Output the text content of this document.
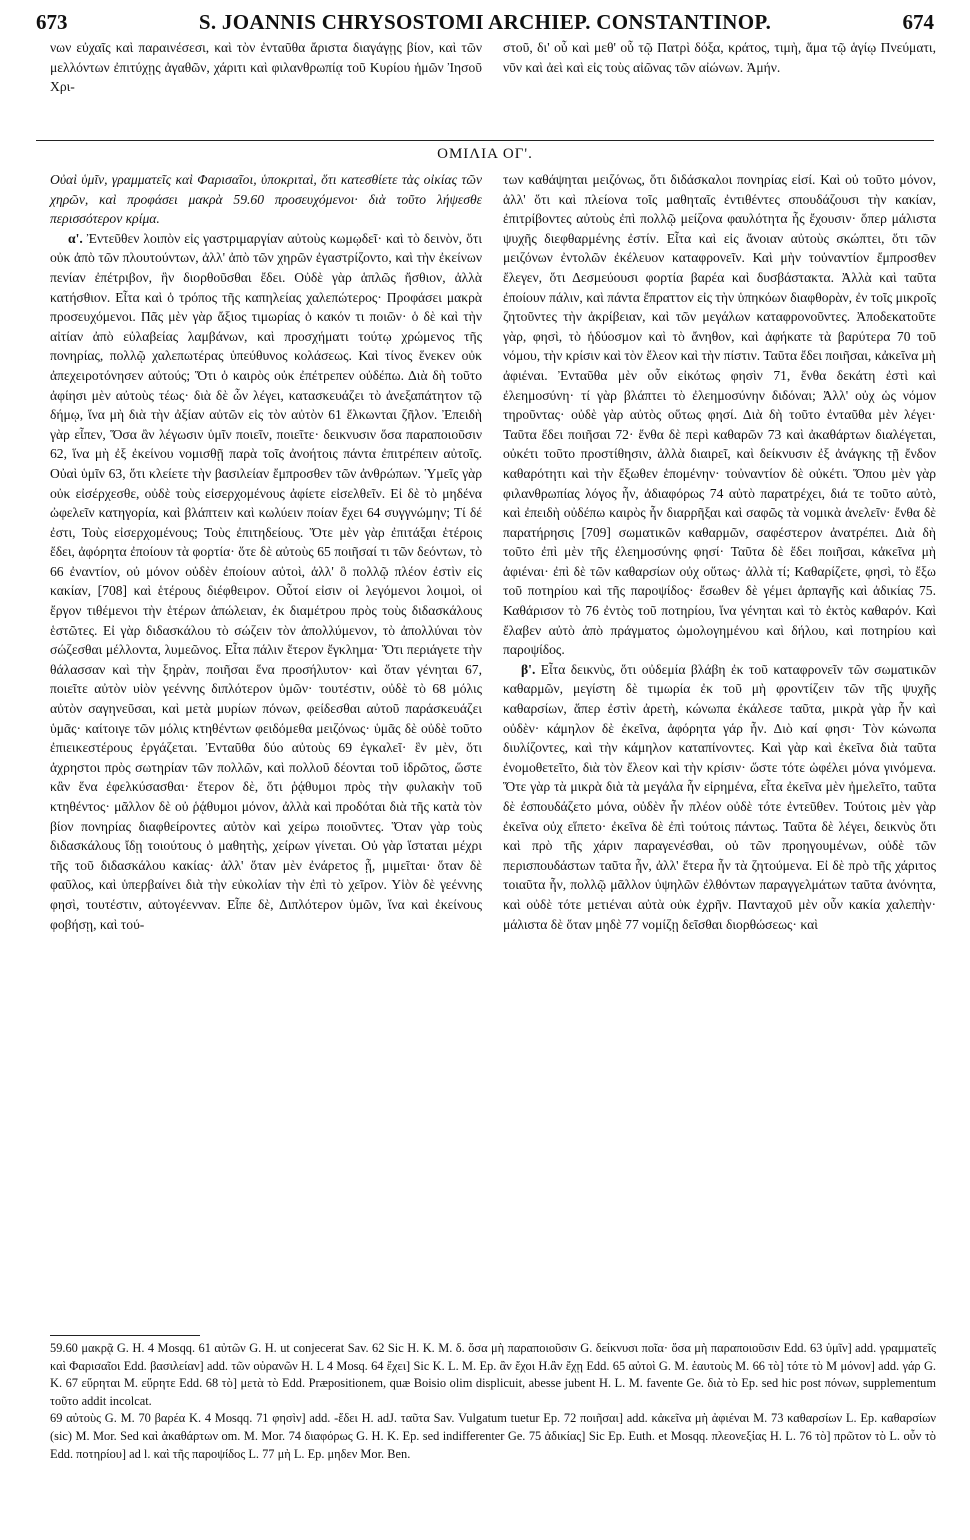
673	S. JOANNIS CHRYSOSTOMI ARCHIEP. CONSTANTINOP.	674

νων εὐχαῖς καὶ παραινέσεσι, καὶ τὸν ἐνταῦθα ἄριστα διαγάγῃς βίον, καὶ τῶν μελλόντων ἐπιτύχῃς ἀγαθῶν, χάριτι καὶ φιλανθρωπίᾳ τοῦ Κυρίου ἡμῶν Ἰησοῦ Χρι-

στοῦ, δι' οὗ καὶ μεθ' οὗ τῷ Πατρὶ δόξα, κράτος, τιμὴ, ἅμα τῷ ἁγίῳ Πνεύματι, νῦν καὶ ἀεὶ καὶ εἰς τοὺς αἰῶνας τῶν αἰώνων. Ἀμήν.

ΟΜΙΛΙΑ ΟΓ'.

Οὐαὶ ὑμῖν, γραμματεῖς καὶ Φαρισαῖοι, ὑποκριταὶ, ὅτι κατεσθίετε τὰς οἰκίας τῶν χηρῶν, καὶ προφάσει μακρὰ 59.60 προσευχόμενοι· διὰ τοῦτο λήψεσθε περισσότερον κρίμα.

α'. Ἐντεῦθεν λοιπὸν εἰς γαστριμαργίαν αὐτοὺς κωμῳδεῖ· καὶ τὸ δεινὸν, ὅτι οὐκ ἀπὸ τῶν πλουτούντων, ἀλλ' ἀπὸ τῶν χηρῶν ἐγαστρίζοντο, καὶ τὴν ἐκείνων πενίαν ἐπέτριβον, ἣν διορθοῦσθαι ἔδει. Οὐδὲ γὰρ ἁπλῶς ἤσθιον, ἀλλὰ κατήσθιον. Εἶτα καὶ ὁ τρόπος τῆς καπηλείας χαλεπώτερος· Προφάσει μακρὰ προσευχόμενοι. Πᾶς μὲν γὰρ ἄξιος τιμωρίας ὁ κακόν τι ποιῶν· ὁ δὲ καὶ τὴν αἰτίαν ἀπὸ εὐλαβείας λαμβάνων, καὶ προσχήματι τούτῳ χρώμενος τῆς πονηρίας, πολλῷ χαλεπωτέρας ὑπεύθυνος κολάσεως. Καὶ τίνος ἕνεκεν οὐκ ἀπεχειροτόνησεν αὐτούς; Ὅτι ὁ καιρὸς οὐκ ἐπέτρεπεν οὐδέπω. Διὰ δὴ τοῦτο ἀφίησι μὲν αὐτοὺς τέως· διὰ δὲ ὧν λέγει, κατασκευάζει τὸ ἀνεξαπάτητον τῷ δήμῳ, ἵνα μὴ διὰ τὴν ἀξίαν αὐτῶν εἰς τὸν αὐτὸν 61 ἕλκωνται ζῆλον. Ἐπειδὴ γὰρ εἶπεν, Ὅσα ἂν λέγωσιν ὑμῖν ποιεῖν, ποιεῖτε· δεικνυσιν ὅσα παραποιοῦσιν 62, ἵνα μὴ ἐξ ἐκείνου νομισθῇ παρὰ τοῖς ἀνοήτοις πάντα ἐπιτρέπειν αὐτοῖς. Οὐαὶ ὑμῖν 63, ὅτι κλείετε τὴν βασιλείαν ἔμπροσθεν τῶν ἀνθρώπων. Ὑμεῖς γὰρ οὐκ εἰσέρχεσθε, οὐδὲ τοὺς εἰσερχομένους ἀφίετε εἰσελθεῖν. Εἰ δὲ τὸ μηδένα ὠφελεῖν κατηγορία, καὶ βλάπτειν καὶ κωλύειν ποίαν ἔχει 64 συγγνώμην; Τί δέ ἐστι, Τοὺς εἰσερχομένους; Τοὺς ἐπιτηδείους. Ὅτε μὲν γὰρ ἐπιτάξαι ἑτέροις ἔδει, ἀφόρητα ἐποίουν τὰ φορτία· ὅτε δὲ αὐτοὺς 65 ποιῆσαί τι τῶν δεόντων, τὸ 66 ἐναντίον, οὐ μόνον οὐδὲν ἐποίουν αὐτοὶ, ἀλλ' ὃ πολλῷ πλέον ἐστὶν εἰς κακίαν, [708] καὶ ἑτέρους διέφθειρον. Οὗτοί εἰσιν οἱ λεγόμενοι λοιμοὶ, οἱ ἔργον τιθέμενοι τὴν ἑτέρων ἀπώλειαν, ἐκ διαμέτρου πρὸς τοὺς διδασκάλους ἑστῶτες. Εἰ γὰρ διδασκάλου τὸ σώζειν τὸν ἀπολλύμενον, τὸ ἀπολλύναι τὸν σώζεσθαι μέλλοντα, λυμεῶνος. Εἶτα πάλιν ἕτερον ἔγκλημα· Ὅτι περιάγετε τὴν θάλασσαν καὶ τὴν ξηρὰν, ποιῆσαι ἕνα προσήλυτον· καὶ ὅταν γένηται 67, ποιεῖτε αὐτὸν υἱὸν γεέννης διπλότερον ὑμῶν· τουτέστιν, οὐδὲ τὸ 68 μόλις αὐτὸν σαγηνεῦσαι, καὶ μετὰ μυρίων πόνων, φείδεσθαι αὐτοῦ παράσκευάζει ὑμᾶς· καίτοιγε τῶν μόλις κτηθέντων φειδόμεθα μειζόνως· ὑμᾶς δὲ οὐδὲ τοῦτο ἐπιεικεστέρους ἐργάζεται. Ἐνταῦθα δύο αὐτοὺς 69 ἐγκαλεῖ· ἓν μὲν, ὅτι ἀχρηστοι πρὸς σωτηρίαν τῶν πολλῶν, καὶ πολλοῦ δέονται τοῦ ἱδρῶτος, ὥστε κἂν ἕνα ἐφελκύσασθαι· ἕτερον δὲ, ὅτι ῥᾴθυμοι πρὸς τὴν φυλακὴν τοῦ κτηθέντος· μᾶλλον δὲ οὐ ῥᾴθυμοι μόνον, ἀλλὰ καὶ προδόται διὰ τῆς κατὰ τὸν βίον πονηρίας διαφθείροντες αὐτὸν καὶ χείρω ποιοῦντες. Ὅταν γὰρ τοὺς διδασκάλους ἴδῃ τοιούτους ὁ μαθητὴς, χείρων γίνεται. Οὐ γὰρ ἵσταται μέχρι τῆς τοῦ διδασκάλου κακίας· ἀλλ' ὅταν μὲν ἐνάρετος ᾖ, μιμεῖται· ὅταν δὲ φαῦλος, καὶ ὑπερβαίνει διὰ τὴν εὐκολίαν τὴν ἐπὶ τὸ χεῖρον. Υἱὸν δὲ γεέννης φησὶ, τουτέστιν, αὐτογέενναν. Εἶπε δὲ, Διπλότερον ὑμῶν, ἵνα καὶ ἐκείνους φοβήσῃ, καὶ τού-

των καθάψηται μειζόνως, ὅτι διδάσκαλοι πονηρίας εἰσί. Καὶ οὐ τοῦτο μόνον, ἀλλ' ὅτι καὶ πλείονα τοῖς μαθηταῖς ἐντιθέντες σπουδάζουσι τὴν κακίαν, ἐπιτρίβοντες αὐτοὺς ἐπὶ πολλῷ μείζονα φαυλότητα ἧς ἔχουσιν· ὅπερ μάλιστα ψυχῆς διεφθαρμένης ἐστίν. Εἶτα καὶ εἰς ἄνοιαν αὐτοὺς σκώπτει, ὅτι τῶν μειζόνων ἐντολῶν ἐκέλευον καταφρονεῖν. Καὶ μὴν τοὐναντίον ἔμπροσθεν ἔλεγεν, ὅτι Δεσμεύουσι φορτία βαρέα καὶ δυσβάστακτα. Ἀλλὰ καὶ ταῦτα ἐποίουν πάλιν, καὶ πάντα ἔπραττον εἰς τὴν ὑπηκόων διαφθορὰν, ἐν τοῖς μικροῖς ζητοῦντες τὴν ἀκρίβειαν, καὶ τῶν μεγάλων καταφρονοῦντες. Ἀποδεκατοῦτε γὰρ, φησὶ, τὸ ἡδύοσμον καὶ τὸ ἄνηθον, καὶ ἀφήκατε τὰ βαρύτερα 70 τοῦ νόμου, τὴν κρίσιν καὶ τὸν ἔλεον καὶ τὴν πίστιν. Ταῦτα ἔδει ποιῆσαι, κἀκεῖνα μὴ ἀφιέναι. Ἐνταῦθα μὲν οὖν εἰκότως φησὶν 71, ἔνθα δεκάτη ἐστὶ καὶ ἐλεημοσύνη· τί γὰρ βλάπτει τὸ ἐλεημοσύνην διδόναι; Ἀλλ' οὐχ ὡς νόμον τηροῦντας· οὐδὲ γὰρ αὐτὸς οὕτως φησί. Διὰ δὴ τοῦτο ἐνταῦθα μὲν λέγει· Ταῦτα ἔδει ποιῆσαι 72· ἔνθα δὲ περὶ καθαρῶν 73 καὶ ἀκαθάρτων διαλέγεται, οὐκέτι τοῦτο προστίθησιν, ἀλλὰ διαιρεῖ, καὶ δείκνυσιν ἐξ ἀνάγκης τῇ ἔνδον καθαρότητι καὶ τὴν ἔξωθεν ἑπομένην· τοὐναντίον δὲ οὐκέτι. Ὅπου μὲν γὰρ φιλανθρωπίας λόγος ἦν, ἀδιαφόρως 74 αὐτὸ παρατρέχει, διά τε τοῦτο αὐτὸ, καὶ ἐπειδὴ οὐδέπω καιρὸς ἦν διαρρῆξαι καὶ σαφῶς τὰ νομικὰ ἀνελεῖν· ἔνθα δὲ παρατήρησις [709] σωματικῶν καθαρμῶν, σαφέστερον ἀνατρέπει. Διὰ δὴ τοῦτο ἐπὶ μὲν τῆς ἐλεημοσύνης φησί· Ταῦτα δὲ ἔδει ποιῆσαι, κἀκεῖνα μὴ ἀφιέναι· ἐπὶ δὲ τῶν καθαρσίων οὐχ οὕτως· ἀλλὰ τί; Καθαρίζετε, φησὶ, τὸ ἔξω τοῦ ποτηρίου καὶ τῆς παροψίδος· ἔσωθεν δὲ γέμει ἁρπαγῆς καὶ ἀδικίας 75. Καθάρισον τὸ 76 ἐντὸς τοῦ ποτηρίου, ἵνα γένηται καὶ τὸ ἐκτὸς καθαρόν. Καὶ ἔλαβεν αὐτὸ ἀπὸ πράγματος ὡμολογημένου καὶ δήλου, καὶ ποτηρίου καὶ παροψίδος.

β'. Εἶτα δεικνὺς, ὅτι οὐδεμία βλάβη ἐκ τοῦ καταφρονεῖν τῶν σωματικῶν καθαρμῶν, μεγίστη δὲ τιμωρία ἐκ τοῦ μὴ φροντίζειν τῶν τῆς ψυχῆς καθαρσίων, ἅπερ ἐστὶν ἀρετὴ, κώνωπα ἐκάλεσε ταῦτα, μικρὰ γὰρ ἦν καὶ οὐδὲν· κάμηλον δὲ ἐκεῖνα, ἀφόρητα γάρ ἦν. Διὸ καί φησι· Τὸν κώνωπα διυλίζοντες, καὶ τὴν κάμηλον καταπίνοντες. Καὶ γὰρ καὶ ἐκεῖνα διὰ ταῦτα ἐνομοθετεῖτο, διὰ τὸν ἔλεον καὶ τὴν κρίσιν· ὥστε τότε ὠφέλει μόνα γινόμενα. Ὅτε γὰρ τὰ μικρὰ διὰ τὰ μεγάλα ἦν εἰρημένα, εἶτα ἐκεῖνα μὲν ἠμελεῖτο, ταῦτα δὲ ἐσπουδάζετο μόνα, οὐδὲν ἦν πλέον οὐδὲ τότε ἐντεῦθεν. Τούτοις μὲν γὰρ ἐκεῖνα οὐχ εἵπετο· ἐκεῖνα δὲ ἐπὶ τούτοις πάντως. Ταῦτα δὲ λέγει, δεικνὺς ὅτι καὶ πρὸ τῆς χάριν παραγενέσθαι, οὐ τῶν προηγουμένων, οὐδὲ τῶν περισπουδάστων ταῦτα ἦν, ἀλλ' ἕτερα ἦν τὰ ζητούμενα. Εἰ δὲ πρὸ τῆς χάριτος τοιαῦτα ἦν, πολλῷ μᾶλλον ὑψηλῶν ἐλθόντων παραγγελμάτων ταῦτα ἀνόνητα, καὶ οὐδὲ τότε μετιέναι αὐτὰ οὐκ ἐχρῆν. Πανταχοῦ μὲν οὖν κακία χαλεπὴν· μάλιστα δὲ ὅταν μηδὲ 77 νομίζῃ δεῖσθαι διορθώσεως· καὶ

59.60 μακρᾷ G. H. 4 Mosqq. 61 αὐτῶν G. H. ut conjecerat Sav. 62 Sic H. K. M. δ. ὅσα μὴ παραποιοῦσιν G. δείκνυσι ποῖα· ὅσα μὴ παραποιοῦσιν Edd. 63 ὑμῖν] add. γραμματεῖς καὶ Φαρισαῖοι Edd. βασιλείαν] add. τῶν οὐρανῶν H. L 4 Mosq. 64 ἔχει] Sic K. L. M. Ep. ἂν ἔχοι H.ἂν ἔχῃ Edd. 65 αὐτοὶ G. M. ἑαυτοὺς M. 66 τὸ] τότε τὸ M μόνον] add. γάρ G. K. 67 εὕρηται M. εὕρητε Edd. 68 τὸ] μετὰ τὸ Edd. Præpositionem, quæ Boisio olim displicuit, abesse jubent H. L. M. favente Ge. διὰ τὸ Ep. sed hic post πόνων, supplementum τοῦτο addit incolcat.

69 αὐτοὺς G. M. 70 βαρέα K. 4 Mosqq. 71 φησὶν] add. -ἔδει H. adJ. ταῦτα Sav. Vulgatum tuetur Ep. 72 ποιῆσαι] add. κἀκεῖνα μὴ ἀφιέναι M. 73 καθαρσίων L. Ep. καθαρσίων (sic) M. Mor. Sed καὶ ἀκαθάρτων om. M. Mor. 74 διαφόρως G. H. K. Ep. sed indifferenter Ge. 75 ἀδικίας] Sic Ep. Euth. et Mosqq. πλεονεξίας H. L. 76 τὸ] πρῶτον τὸ L. οὖν τὸ Edd. ποτηρίου] ad l. καὶ τῆς παροψίδος L. 77 μὴ L. Ep. μηδεν Mor. Ben.
